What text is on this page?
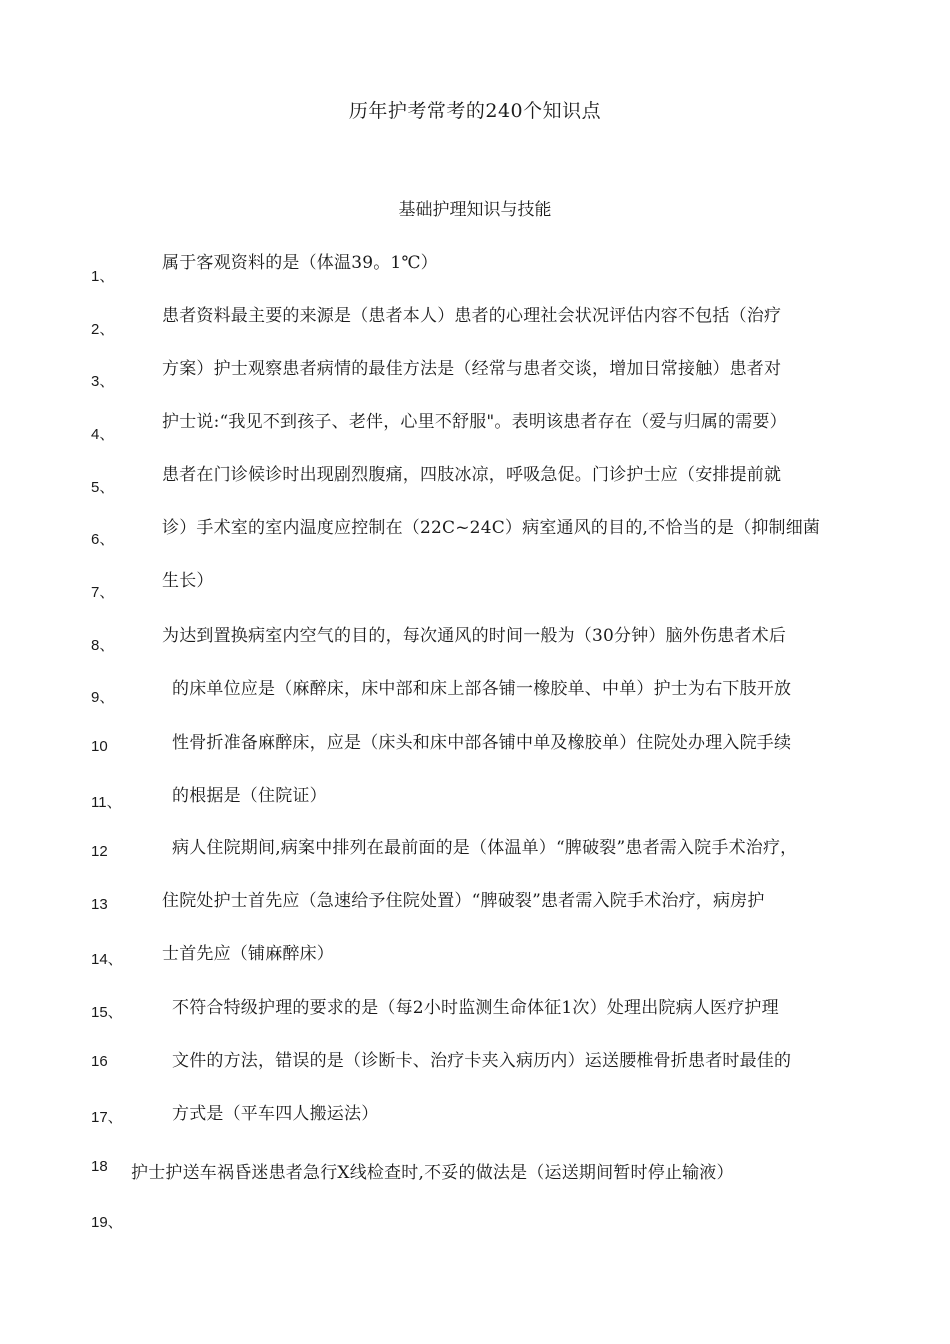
历年护考常考的240个知识点
基础护理知识与技能
1、
2、
3、
4、
5、
6、
7、
8、
9、
10
11、
12
13
14、
15、
16
17、
18
19、
属于客观资料的是（体温39。1℃）
患者资料最主要的来源是（患者本人）患者的心理社会状况评估内容不包括（治疗
方案）护士观察患者病情的最佳方法是（经常与患者交谈，增加日常接触）患者对
护士说:“我见不到孩子、老伴，心里不舒服"。表明该患者存在（爱与归属的需要）
患者在门诊候诊时出现剧烈腹痛，四肢冰凉，呼吸急促。门诊护士应（安排提前就
诊）手术室的室内温度应控制在（22C~24C）病室通风的目的,不恰当的是（抑制细菌
生长）
为达到置换病室内空气的目的，每次通风的时间一般为（30分钟）脑外伤患者术后
的床单位应是（麻醉床，床中部和床上部各铺一橡胶单、中单）护士为右下肢开放
性骨折准备麻醉床，应是（床头和床中部各铺中单及橡胶单）住院处办理入院手续
的根据是（住院证）
病人住院期间,病案中排列在最前面的是（体温单）“脾破裂”患者需入院手术治疗，
住院处护士首先应（急速给予住院处置）“脾破裂”患者需入院手术治疗，病房护
士首先应（铺麻醉床）
不符合特级护理的要求的是（每2小时监测生命体征1次）处理出院病人医疗护理
文件的方法，错误的是（诊断卡、治疗卡夹入病历内）运送腰椎骨折患者时最佳的
方式是（平车四人搬运法）
护士护送车祸昏迷患者急行X线检查时,不妥的做法是（运送期间暂时停止输液）
